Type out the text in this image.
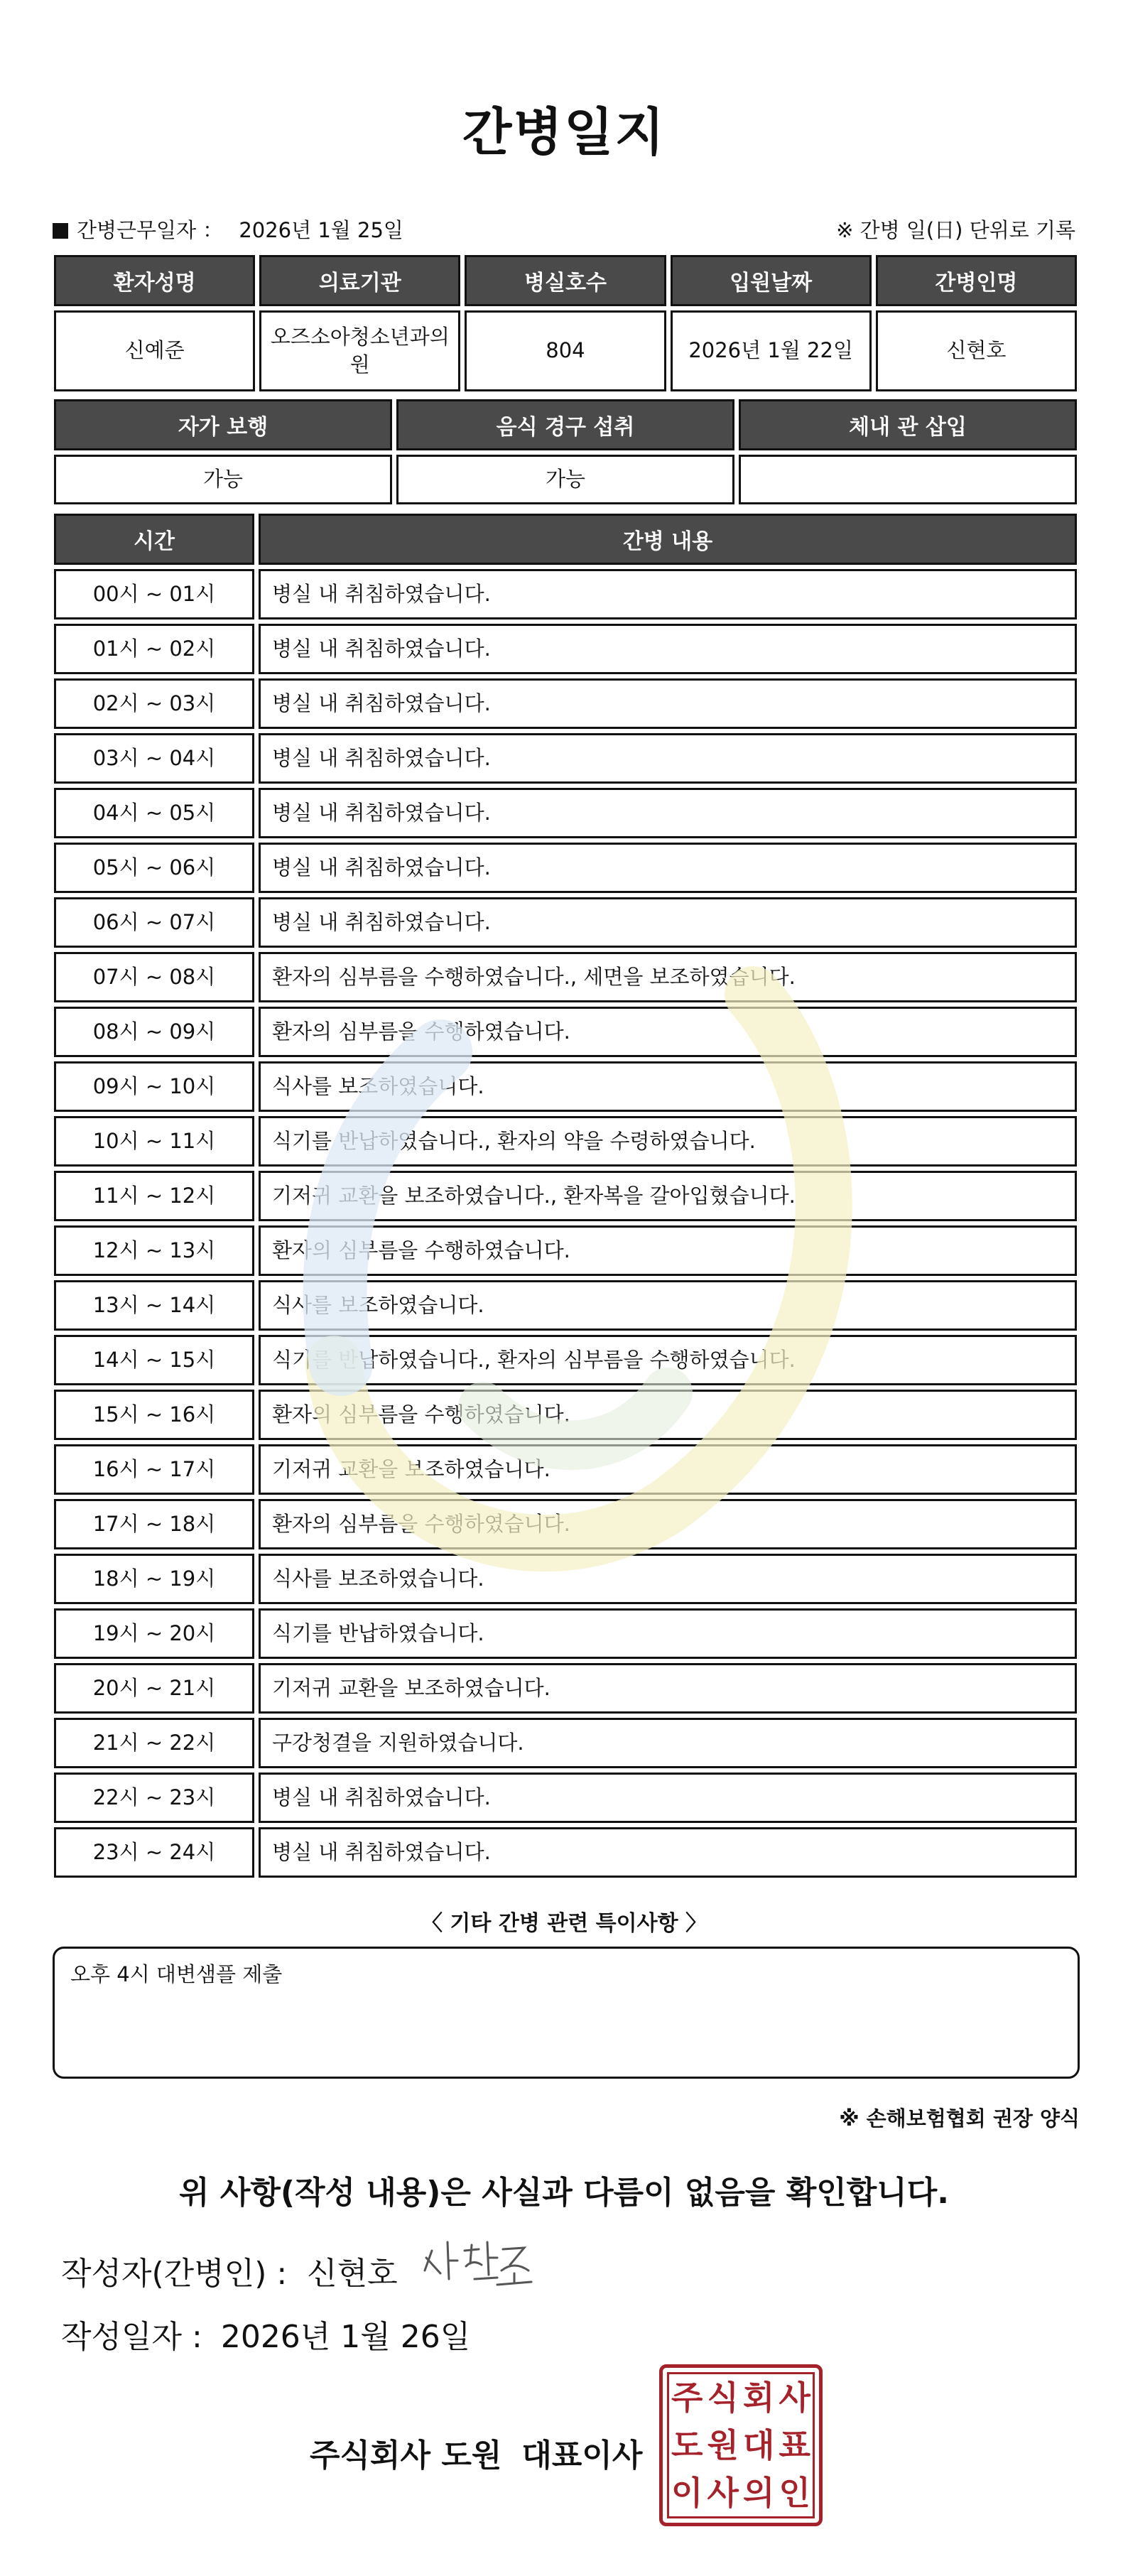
간병일지
간병근무일자 ： 2026년 1월 25일	※ 간병 일(日) 단위로 기록
환자성명	의료기관	병실호수	입원날짜	간병인명
신예준	오즈소아청소년과의원	804	2026년 1월 22일	신현호
자가 보행	음식 경구 섭취	체내 관 삽입
가능	가능	
시간	간병 내용
00시 ~ 01시	병실 내 취침하였습니다.
01시 ~ 02시	병실 내 취침하였습니다.
02시 ~ 03시	병실 내 취침하였습니다.
03시 ~ 04시	병실 내 취침하였습니다.
04시 ~ 05시	병실 내 취침하였습니다.
05시 ~ 06시	병실 내 취침하였습니다.
06시 ~ 07시	병실 내 취침하였습니다.
07시 ~ 08시	환자의 심부름을 수행하였습니다., 세면을 보조하였습니다.
08시 ~ 09시	환자의 심부름을 수행하였습니다.
09시 ~ 10시	식사를 보조하였습니다.
10시 ~ 11시	식기를 반납하였습니다., 환자의 약을 수령하였습니다.
11시 ~ 12시	기저귀 교환을 보조하였습니다., 환자복을 갈아입혔습니다.
12시 ~ 13시	환자의 심부름을 수행하였습니다.
13시 ~ 14시	식사를 보조하였습니다.
14시 ~ 15시	식기를 반납하였습니다., 환자의 심부름을 수행하였습니다.
15시 ~ 16시	환자의 심부름을 수행하였습니다.
16시 ~ 17시	기저귀 교환을 보조하였습니다.
17시 ~ 18시	환자의 심부름을 수행하였습니다.
18시 ~ 19시	식사를 보조하였습니다.
19시 ~ 20시	식기를 반납하였습니다.
20시 ~ 21시	기저귀 교환을 보조하였습니다.
21시 ~ 22시	구강청결을 지원하였습니다.
22시 ~ 23시	병실 내 취침하였습니다.
23시 ~ 24시	병실 내 취침하였습니다.
〈 기타 간병 관련 특이사항 〉
오후 4시 대변샘플 제출
※ 손해보험협회 권장 양식
위 사항(작성 내용)은 사실과 다름이 없음을 확인합니다.
작성자(간병인) : 신현호
작성일자 : 2026년 1월 26일
주식회사 도원 대표이사
주 식 회 사
도 원 대 표
이 사 의 인
